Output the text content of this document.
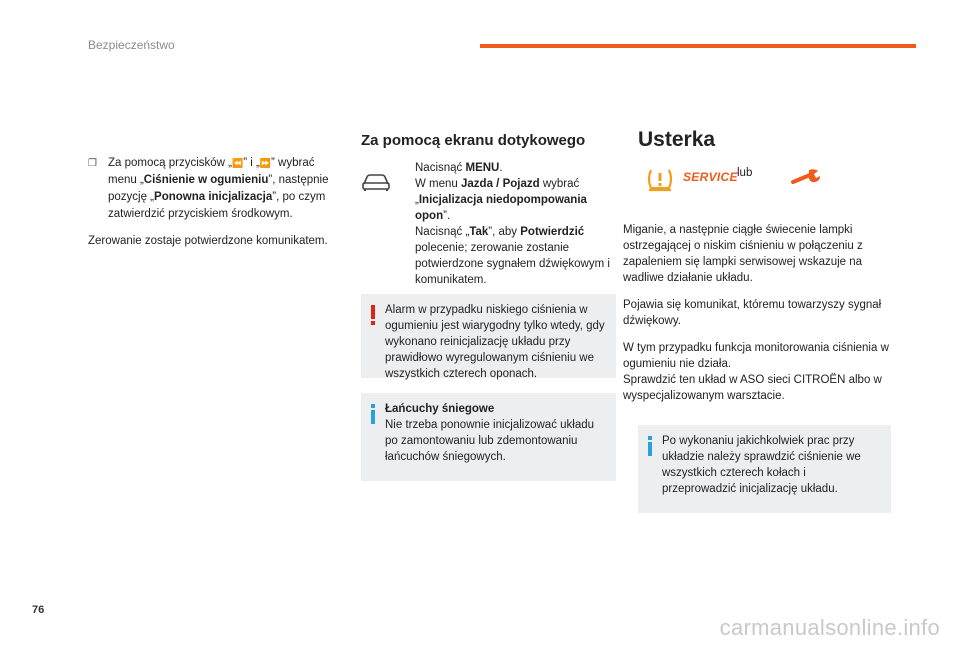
Bezpieczeństwo
❒ Za pomocą przycisków „⏪” i „⏩” wybrać menu „Ciśnienie w ogumieniu”, następnie pozycję „Ponowna inicjalizacja”, po czym zatwierdzić przyciskiem środkowym.

Zerowanie zostaje potwierdzone komunikatem.

Za pomocą ekranu dotykowego

Nacisnąć MENU.

W menu Jazda / Pojazd wybrać „Inicjalizacja niedopompowania opon”.

Nacisnąć „Tak”, aby Potwierdzić polecenie; zerowanie zostanie potwierdzone sygnałem dźwiękowym i komunikatem.

Alarm w przypadku niskiego ciśnienia w ogumieniu jest wiarygodny tylko wtedy, gdy wykonano reinicjalizację układu przy prawidłowo wyregulowanym ciśnieniu we wszystkich czterech oponach.

Łańcuchy śniegowe

Nie trzeba ponownie inicjalizować układu po zamontowaniu lub zdemontowaniu łańcuchów śniegowych.

Usterka
SERVICE lub

Miganie, a następnie ciągłe świecenie lampki ostrzegającej o niskim ciśnieniu w połączeniu z zapaleniem się lampki serwisowej wskazuje na wadliwe działanie układu.

Pojawia się komunikat, któremu towarzyszy sygnał dźwiękowy.

W tym przypadku funkcja monitorowania ciśnienia w ogumieniu nie działa.

Sprawdzić ten układ w ASO sieci CITROËN albo w wyspecjalizowanym warsztacie.

Po wykonaniu jakichkolwiek prac przy układzie należy sprawdzić ciśnienie we wszystkich czterech kołach i przeprowadzić inicjalizację układu.

76
carmanualsonline.info
